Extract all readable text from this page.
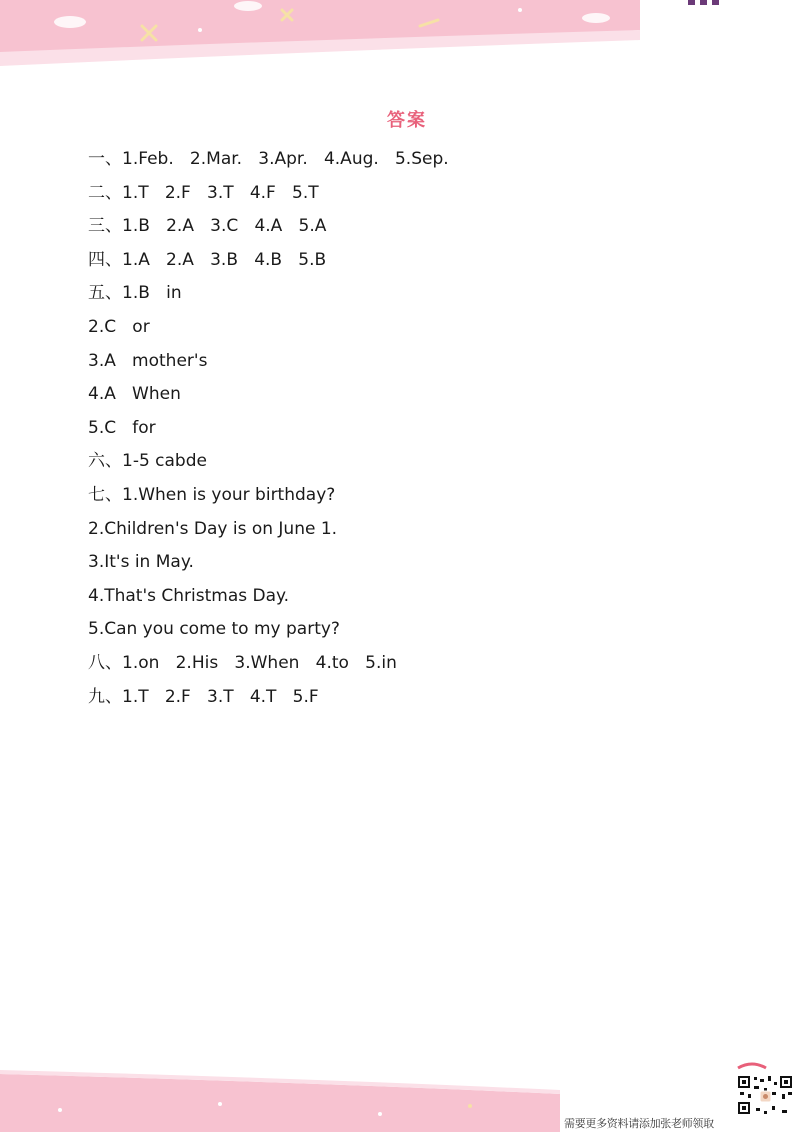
答案
一、1.Feb.   2.Mar.   3.Apr.   4.Aug.   5.Sep.
二、1.T   2.F   3.T   4.F   5.T
三、1.B   2.A   3.C   4.A   5.A
四、1.A   2.A   3.B   4.B   5.B
五、1.B   in
2.C   or
3.A   mother's
4.A   When
5.C   for
六、1-5 cabde
七、1.When is your birthday?
2.Children's Day is on June 1.
3.It's in May.
4.That's Christmas Day.
5.Can you come to my party?
八、1.on   2.His   3.When   4.to   5.in
九、1.T   2.F   3.T   4.T   5.F
需要更多资料请添加张老师领取
